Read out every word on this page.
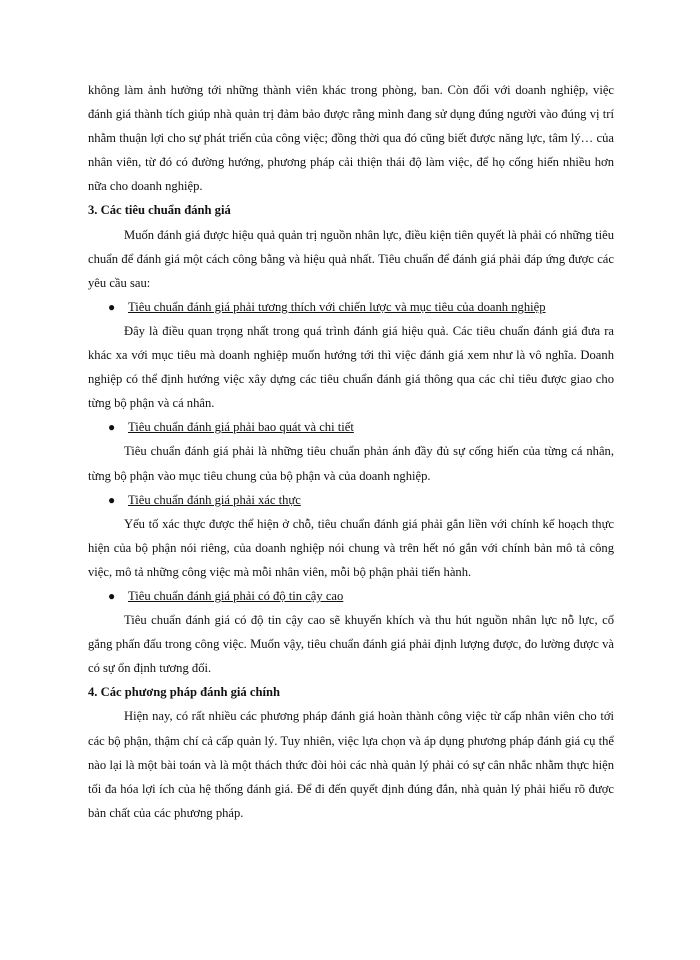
không làm ảnh hưởng tới những thành viên khác trong phòng, ban. Còn đối với doanh nghiệp, việc đánh giá thành tích giúp nhà quản trị đảm bảo được rằng mình đang sử dụng đúng người vào đúng vị trí nhằm thuận lợi cho sự phát triển của công việc; đồng thời qua đó cũng biết được năng lực, tâm lý… của nhân viên, từ đó có đường hướng, phương pháp cải thiện thái độ làm việc, để họ cống hiến nhiều hơn nữa cho doanh nghiệp.

3. Các tiêu chuẩn đánh giá

Muốn đánh giá được hiệu quả quản trị nguồn nhân lực, điều kiện tiên quyết là phải có những tiêu chuẩn để đánh giá một cách công bằng và hiệu quả nhất. Tiêu chuẩn để đánh giá phải đáp ứng được các yêu cầu sau:

● Tiêu chuẩn đánh giá phải tương thích với chiến lược và mục tiêu của doanh nghiệp

Đây là điều quan trọng nhất trong quá trình đánh giá hiệu quả. Các tiêu chuẩn đánh giá đưa ra khác xa với mục tiêu mà doanh nghiệp muốn hướng tới thì việc đánh giá xem như là vô nghĩa. Doanh nghiệp có thể định hướng việc xây dựng các tiêu chuẩn đánh giá thông qua các chỉ tiêu được giao cho từng bộ phận và cá nhân.

● Tiêu chuẩn đánh giá phải bao quát và chi tiết

Tiêu chuẩn đánh giá phải là những tiêu chuẩn phản ánh đầy đủ sự cống hiến của từng cá nhân, từng bộ phận vào mục tiêu chung của bộ phận và của doanh nghiệp.

● Tiêu chuẩn đánh giá phải xác thực

Yếu tố xác thực được thể hiện ở chỗ, tiêu chuẩn đánh giá phải gắn liền với chính kế hoạch thực hiện của bộ phận nói riêng, của doanh nghiệp nói chung và trên hết nó gắn với chính bản mô tả công việc, mô tả những công việc mà mỗi nhân viên, mỗi bộ phận phải tiến hành.

● Tiêu chuẩn đánh giá phải có độ tin cậy cao

Tiêu chuẩn đánh giá có độ tin cậy cao sẽ khuyến khích và thu hút nguồn nhân lực nỗ lực, cố gắng phấn đấu trong công việc. Muốn vậy, tiêu chuẩn đánh giá phải định lượng được, đo lường được và có sự ổn định tương đối.

4. Các phương pháp đánh giá chính

Hiện nay, có rất nhiều các phương pháp đánh giá hoàn thành công việc từ cấp nhân viên cho tới các bộ phận, thậm chí cả cấp quản lý. Tuy nhiên, việc lựa chọn và áp dụng phương pháp đánh giá cụ thể nào lại là một bài toán và là một thách thức đòi hỏi các nhà quản lý phải có sự cân nhắc nhằm thực hiện tối đa hóa lợi ích của hệ thống đánh giá. Để đi đến quyết định đúng đắn, nhà quản lý phải hiểu rõ được bản chất của các phương pháp.
